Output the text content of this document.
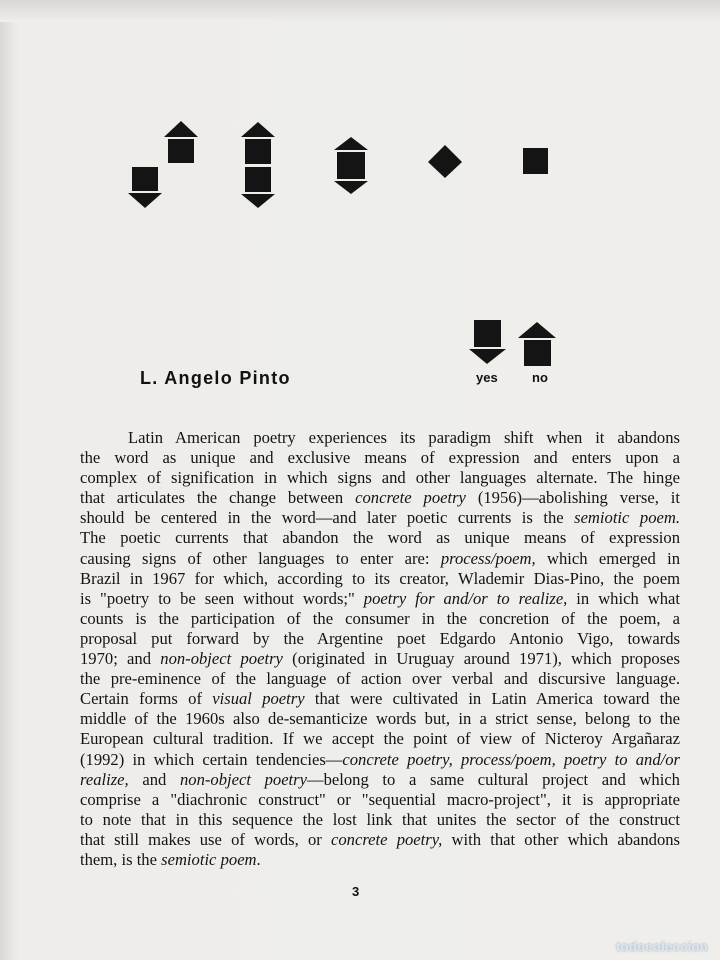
yes	no
L. Angelo Pinto

Latin American poetry experiences its paradigm shift when it abandons
the word as unique and exclusive means of expression and enters upon a
complex of signification in which signs and other languages alternate. The hinge
that articulates the change between concrete poetry (1956)—abolishing verse, it
should be centered in the word—and later poetic currents is the semiotic poem.
The poetic currents that abandon the word as unique means of expression
causing signs of other languages to enter are: process/poem, which emerged in
Brazil in 1967 for which, according to its creator, Wlademir Dias-Pino, the poem
is "poetry to be seen without words;" poetry for and/or to realize, in which what
counts is the participation of the consumer in the concretion of the poem, a
proposal put forward by the Argentine poet Edgardo Antonio Vigo, towards
1970; and non-object poetry (originated in Uruguay around 1971), which proposes
the pre-eminence of the language of action over verbal and discursive language.
Certain forms of visual poetry that were cultivated in Latin America toward the
middle of the 1960s also de-semanticize words but, in a strict sense, belong to the
European cultural tradition. If we accept the point of view of Nicteroy Argañaraz
(1992) in which certain tendencies—concrete poetry, process/poem, poetry to and/or
realize, and non-object poetry—belong to a same cultural project and which
comprise a "diachronic construct" or "sequential macro-project", it is appropriate
to note that in this sequence the lost link that unites the sector of the construct
that still makes use of words, or concrete poetry, with that other which abandons
them, is the semiotic poem.

3
todocoleccion
